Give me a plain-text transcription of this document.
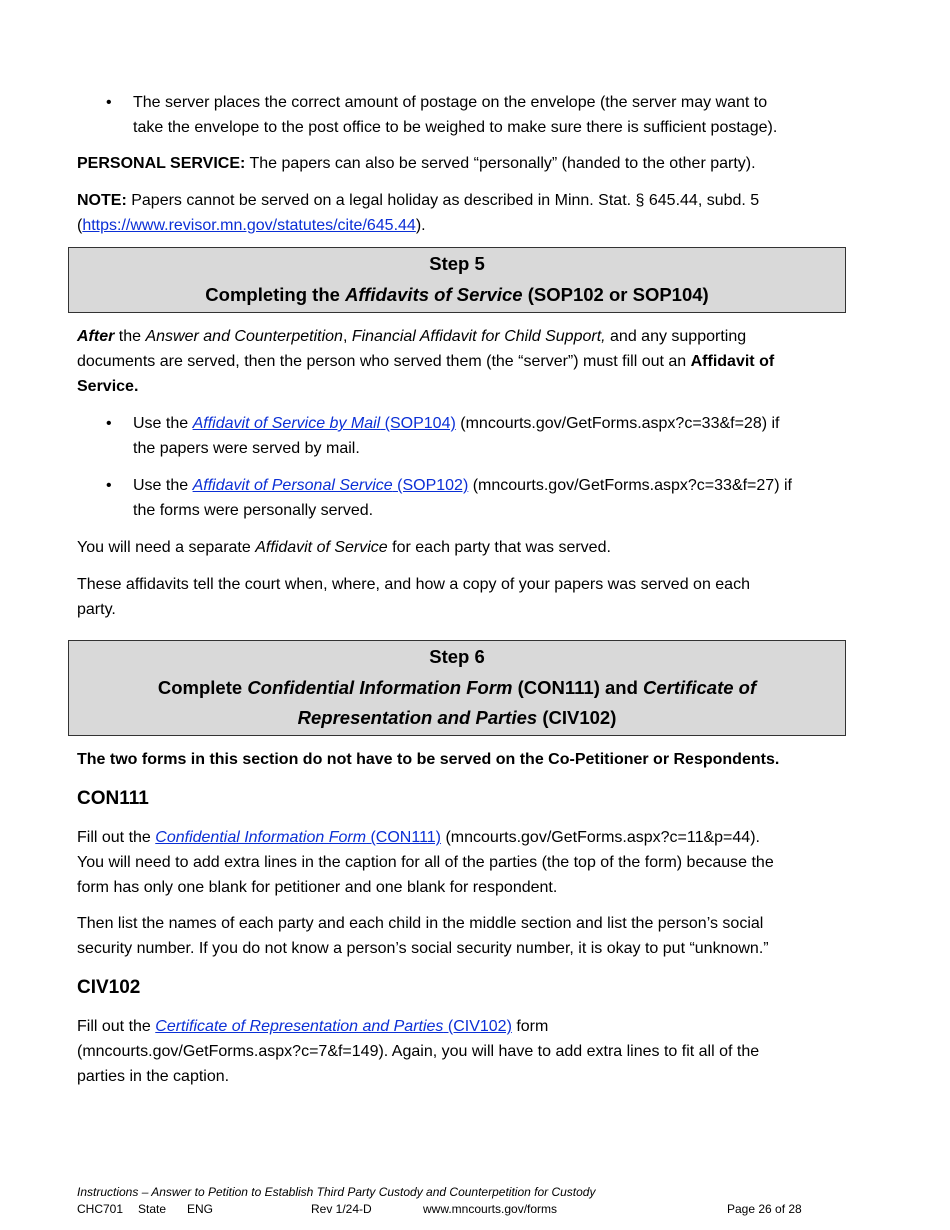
• The server places the correct amount of postage on the envelope (the server may want to
take the envelope to the post office to be weighed to make sure there is sufficient postage).
PERSONAL SERVICE: The papers can also be served “personally” (handed to the other party).
NOTE: Papers cannot be served on a legal holiday as described in Minn. Stat. § 645.44, subd. 5
(https://www.revisor.mn.gov/statutes/cite/645.44).
Step 5
Completing the Affidavits of Service (SOP102 or SOP104)
After the Answer and Counterpetition, Financial Affidavit for Child Support, and any supporting
documents are served, then the person who served them (the “server”) must fill out an Affidavit of
Service.
• Use the Affidavit of Service by Mail (SOP104) (mncourts.gov/GetForms.aspx?c=33&f=28) if
the papers were served by mail.
• Use the Affidavit of Personal Service (SOP102) (mncourts.gov/GetForms.aspx?c=33&f=27) if
the forms were personally served.
You will need a separate Affidavit of Service for each party that was served.
These affidavits tell the court when, where, and how a copy of your papers was served on each
party.
Step 6
Complete Confidential Information Form (CON111) and Certificate of
Representation and Parties (CIV102)
The two forms in this section do not have to be served on the Co-Petitioner or Respondents.
CON111
Fill out the Confidential Information Form (CON111) (mncourts.gov/GetForms.aspx?c=11&p=44).
You will need to add extra lines in the caption for all of the parties (the top of the form) because the
form has only one blank for petitioner and one blank for respondent.
Then list the names of each party and each child in the middle section and list the person’s social
security number. If you do not know a person’s social security number, it is okay to put “unknown.”
CIV102
Fill out the Certificate of Representation and Parties (CIV102) form
(mncourts.gov/GetForms.aspx?c=7&f=149). Again, you will have to add extra lines to fit all of the
parties in the caption.
Instructions – Answer to Petition to Establish Third Party Custody and Counterpetition for Custody
CHC701 State ENG	Rev 1/24-D	www.mncourts.gov/forms	Page 26 of 28
